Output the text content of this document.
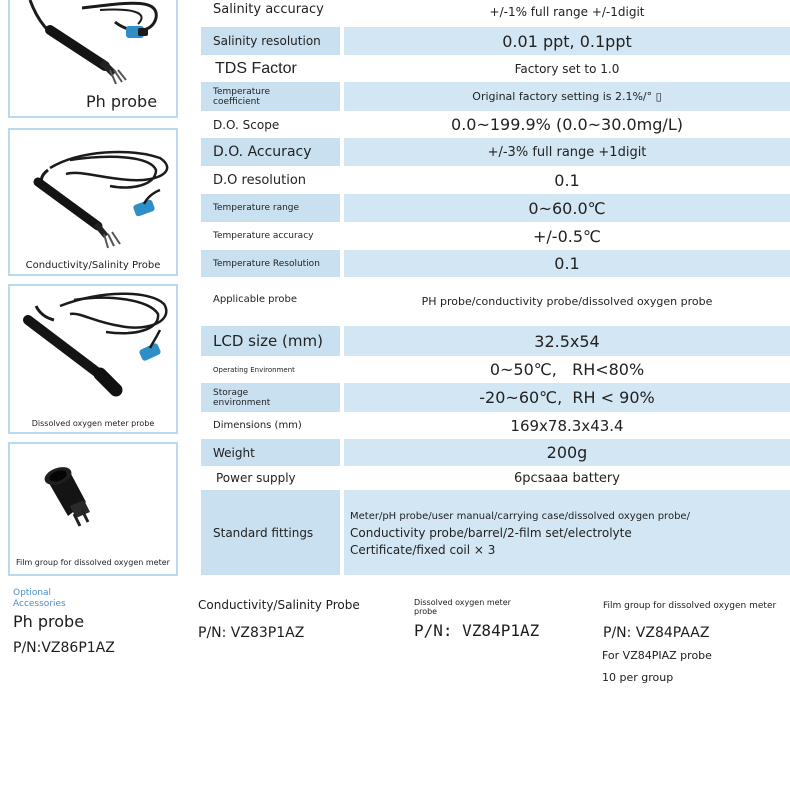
Ph probe
Conductivity/Salinity Probe
Dissolved oxygen meter probe
Film group for dissolved oxygen meter
Salinity accuracy	+/-1% full range +/-1digit
Salinity resolution	0.01 ppt, 0.1ppt
TDS Factor	Factory set to 1.0
Temperature coefficient	Original factory setting is 2.1%/° ▯
D.O. Scope	0.0~199.9% (0.0~30.0mg/L)
D.O. Accuracy	+/-3% full range +1digit
D.O resolution	0.1
Temperature range	0~60.0℃
Temperature accuracy	+/-0.5℃
Temperature Resolution	0.1
Applicable probe	PH probe/conductivity probe/dissolved oxygen probe
LCD size (mm)	32.5x54
Operating Environment	0~50℃,   RH<80%
Storage environment	-20~60℃,  RH < 90%
Dimensions (mm)	169x78.3x43.4
Weight	200g
Power supply	6pcsaaa battery
Standard fittings
Meter/pH probe/user manual/carrying case/dissolved oxygen probe/
Conductivity probe/barrel/2-film set/electrolyte
Certificate/fixed coil × 3
Optional Accessories
Ph probe
P/N:VZ86P1AZ
Conductivity/Salinity Probe
P/N: VZ83P1AZ
Dissolved oxygen meter probe
P/N: VZ84P1AZ
Film group for dissolved oxygen meter
P/N: VZ84PAAZ
For VZ84PIAZ probe
10 per group
